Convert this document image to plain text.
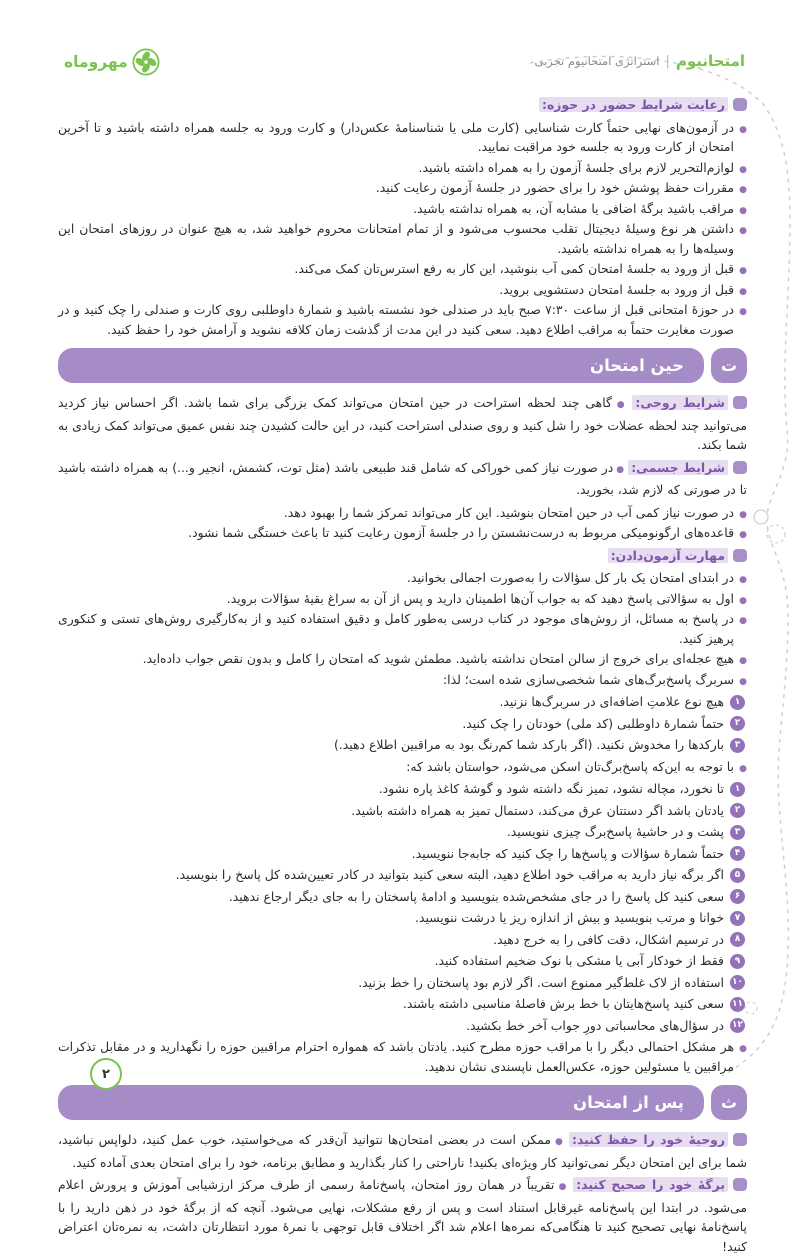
امتحانیوم
|
استراتژی امتحانیوم تجربی
مهروماه

رعایت شرایط حضور در حوزه:

●
در آزمون‌های نهایی حتماً کارت شناسایی (کارت ملی یا شناسنامهٔ عکس‌دار) و کارت ورود به جلسه همراه داشته باشید و تا آخرین امتحان از کارت ورود به جلسه خود مراقبت نمایید.
●
لوازم‌التحریر لازم برای جلسهٔ آزمون را به همراه داشته باشید.
●
مقررات حفظ پوشش خود را برای حضور در جلسهٔ آزمون رعایت کنید.
●
مراقب باشید برگهٔ اضافی یا مشابه آن، به همراه نداشته باشید.
●
داشتن هر نوع وسیلهٔ دیجیتال تقلب محسوب می‌شود و از تمام امتحانات محروم خواهید شد، به هیچ عنوان در روزهای امتحان این وسیله‌ها را به همراه نداشته باشید.
●
قبل از ورود به جلسهٔ امتحان کمی آب بنوشید، این کار به رفع استرس‌تان کمک می‌کند.
●
قبل از ورود به جلسهٔ امتحان دستشویی بروید.
●
در حوزهٔ امتحانی قبل از ساعت ۷:۳۰ صبح باید در صندلی خود نشسته باشید و شمارهٔ داوطلبی روی کارت و صندلی را چک کنید و در صورت مغایرت حتماً به مراقب اطلاع دهید. سعی کنید در این مدت از گذشت زمان کلافه نشوید و آرامش خود را حفظ کنید.
ت
حین امتحان

شرایط روحی: ● گاهی چند لحظه استراحت در حین امتحان می‌تواند کمک بزرگی برای شما باشد. اگر احساس نیاز کردید می‌توانید چند لحظه عضلات خود را شل کنید و روی صندلی استراحت کنید، در این حالت کشیدن چند نفس عمیق می‌تواند کمک زیادی به شما بکند.

شرایط جسمی: ● در صورت نیاز کمی خوراکی که شامل قند طبیعی باشد (مثل توت، کشمش، انجیر و...) به همراه داشته باشید تا در صورتی که لازم شد، بخورید.

●
در صورت نیاز کمی آب در حین امتحان بنوشید. این کار می‌تواند تمرکز شما را بهبود دهد.
●
قاعده‌های ارگونومیکی مربوط به درست‌نشستن را در جلسهٔ آزمون رعایت کنید تا باعث خستگی شما نشود.

مهارت آزمون‌دادن:

●
در ابتدای امتحان یک بار کل سؤالات را به‌صورت اجمالی بخوانید.
●
اول به سؤالاتی پاسخ دهید که به جواب آن‌ها اطمینان دارید و پس از آن به سراغ بقیهٔ سؤالات بروید.
●
در پاسخ به مسائل، از روش‌های موجود در کتاب درسی به‌طور کامل و دقیق استفاده کنید و از به‌کارگیری روش‌های تستی و کنکوری پرهیز کنید.
●
هیچ عجله‌ای برای خروج از سالن امتحان نداشته باشید. مطمئن شوید که امتحان را کامل و بدون نقص جواب داده‌اید.
●
سربرگ پاسخ‌برگ‌های شما شخصی‌سازی شده است؛ لذا:
۱
هیچ نوع علامتِ اضافه‌ای در سربرگ‌ها نزنید.
۲
حتماً شمارهٔ داوطلبی (کد ملی) خودتان را چک کنید.
۳
بارکدها را مخدوش نکنید. (اگر بارکد شما کم‌رنگ بود به مراقبین اطلاع دهید.)
●
با توجه به این‌که پاسخ‌برگ‌تان اسکن می‌شود، حواستان باشد که:
۱
تا نخورد، مچاله نشود، تمیز نگه داشته شود و گوشهٔ کاغذ پاره نشود.
۲
یادتان باشد اگر دستتان عرق می‌کند، دستمال تمیز به همراه داشته باشید.
۳
پشت و در حاشیهٔ پاسخ‌برگ چیزی ننویسید.
۴
حتماً شمارهٔ سؤالات و پاسخ‌ها را چک کنید که جابه‌جا ننویسید.
۵
اگر برگه نیاز دارید به مراقب خود اطلاع دهید، البته سعی کنید بتوانید در کادر تعیین‌شده کل پاسخ را بنویسید.
۶
سعی کنید کل پاسخ را در جای مشخص‌شده بنویسید و ادامهٔ پاسختان را به جای دیگر ارجاع ندهید.
۷
خوانا و مرتب بنویسید و بیش از اندازه ریز یا درشت ننویسید.
۸
در ترسیم اشکال، دقت کافی را به خرج دهید.
۹
فقط از خودکار آبی یا مشکی با نوک ضخیم استفاده کنید.
۱۰
استفاده از لاک غلط‌گیر ممنوع است. اگر لازم بود پاسختان را خط بزنید.
۱۱
سعی کنید پاسخ‌هایتان با خط برش فاصلهٔ مناسبی داشته باشند.
۱۲
در سؤال‌های محاسباتی دورِ جواب آخر خط بکشید.
●
هر مشکل احتمالی دیگر را با مراقب حوزه مطرح کنید. یادتان باشد که همواره احترام مراقبین حوزه را نگهدارید و در مقابل تذکرات مراقبین یا مسئولین حوزه، عکس‌العمل ناپسندی نشان ندهید.
ث
پس از امتحان

روحیهٔ خود را حفظ کنید: ● ممکن است در بعضی امتحان‌ها نتوانید آن‌قدر که می‌خواستید، خوب عمل کنید، دلواپس نباشید، شما برای این امتحان دیگر نمی‌توانید کار ویژه‌ای بکنید! ناراحتی را کنار بگذارید و مطابق برنامه، خود را برای امتحان بعدی آماده کنید.

برگهٔ خود را صحیح کنید: ● تقریباً در همان روز امتحان، پاسخ‌نامهٔ رسمی از طرف مرکز ارزشیابی آموزش و پرورش اعلام می‌شود. در ابتدا این پاسخ‌نامه غیرقابل استناد است و پس از رفع مشکلات، نهایی می‌شود. آنچه که از برگهٔ خود در ذهن دارید را با پاسخ‌نامهٔ نهایی تصحیح کنید تا هنگامی‌که نمره‌ها اعلام شد اگر اختلاف قابل توجهی با نمرهٔ مورد انتظارتان داشت، به نمره‌تان اعتراض کنید!

۲
